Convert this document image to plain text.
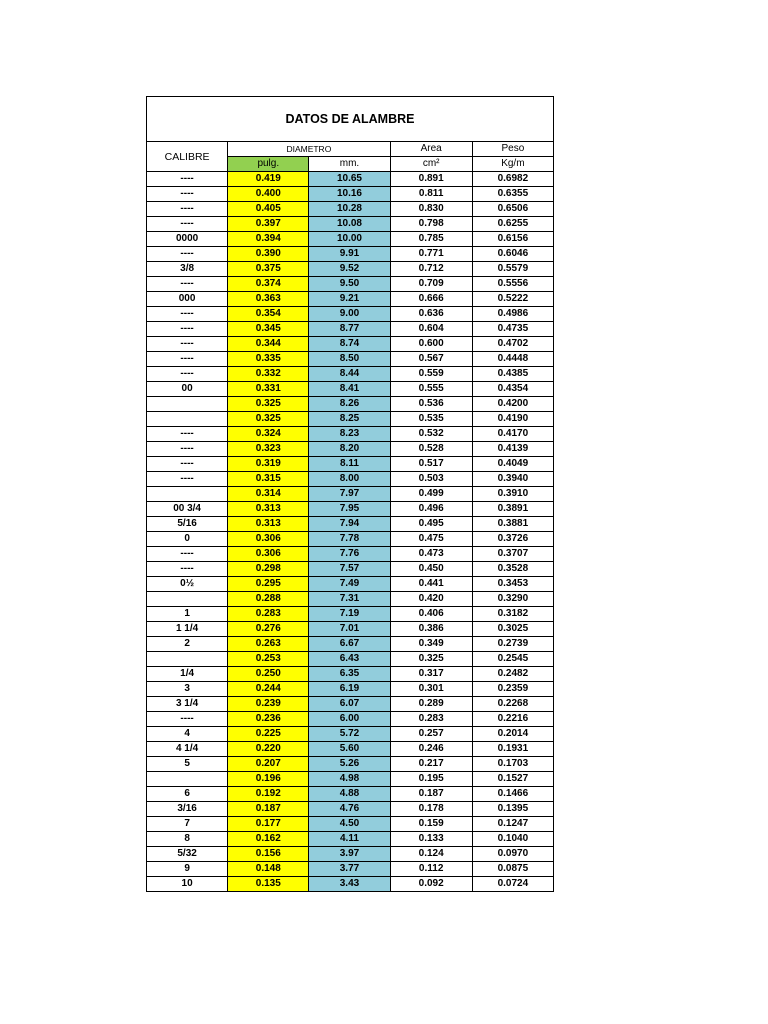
DATOS DE ALAMBRE
CALIBRE	DIAMETRO		Area	Peso
	pulg.	mm.	cm²	Kg/m
----	0.419	10.65	0.891	0.6982
----	0.400	10.16	0.811	0.6355
----	0.405	10.28	0.830	0.6506
----	0.397	10.08	0.798	0.6255
0000	0.394	10.00	0.785	0.6156
----	0.390	9.91	0.771	0.6046
3/8	0.375	9.52	0.712	0.5579
----	0.374	9.50	0.709	0.5556
000	0.363	9.21	0.666	0.5222
----	0.354	9.00	0.636	0.4986
----	0.345	8.77	0.604	0.4735
----	0.344	8.74	0.600	0.4702
----	0.335	8.50	0.567	0.4448
----	0.332	8.44	0.559	0.4385
00	0.331	8.41	0.555	0.4354
	0.325	8.26	0.536	0.4200
	0.325	8.25	0.535	0.4190
----	0.324	8.23	0.532	0.4170
----	0.323	8.20	0.528	0.4139
----	0.319	8.11	0.517	0.4049
----	0.315	8.00	0.503	0.3940
	0.314	7.97	0.499	0.3910
00 3/4	0.313	7.95	0.496	0.3891
5/16	0.313	7.94	0.495	0.3881
0	0.306	7.78	0.475	0.3726
----	0.306	7.76	0.473	0.3707
----	0.298	7.57	0.450	0.3528
0½	0.295	7.49	0.441	0.3453
	0.288	7.31	0.420	0.3290
1	0.283	7.19	0.406	0.3182
1 1/4	0.276	7.01	0.386	0.3025
2	0.263	6.67	0.349	0.2739
	0.253	6.43	0.325	0.2545
1/4	0.250	6.35	0.317	0.2482
3	0.244	6.19	0.301	0.2359
3 1/4	0.239	6.07	0.289	0.2268
----	0.236	6.00	0.283	0.2216
4	0.225	5.72	0.257	0.2014
4 1/4	0.220	5.60	0.246	0.1931
5	0.207	5.26	0.217	0.1703
	0.196	4.98	0.195	0.1527
6	0.192	4.88	0.187	0.1466
3/16	0.187	4.76	0.178	0.1395
7	0.177	4.50	0.159	0.1247
8	0.162	4.11	0.133	0.1040
5/32	0.156	3.97	0.124	0.0970
9	0.148	3.77	0.112	0.0875
10	0.135	3.43	0.092	0.0724
